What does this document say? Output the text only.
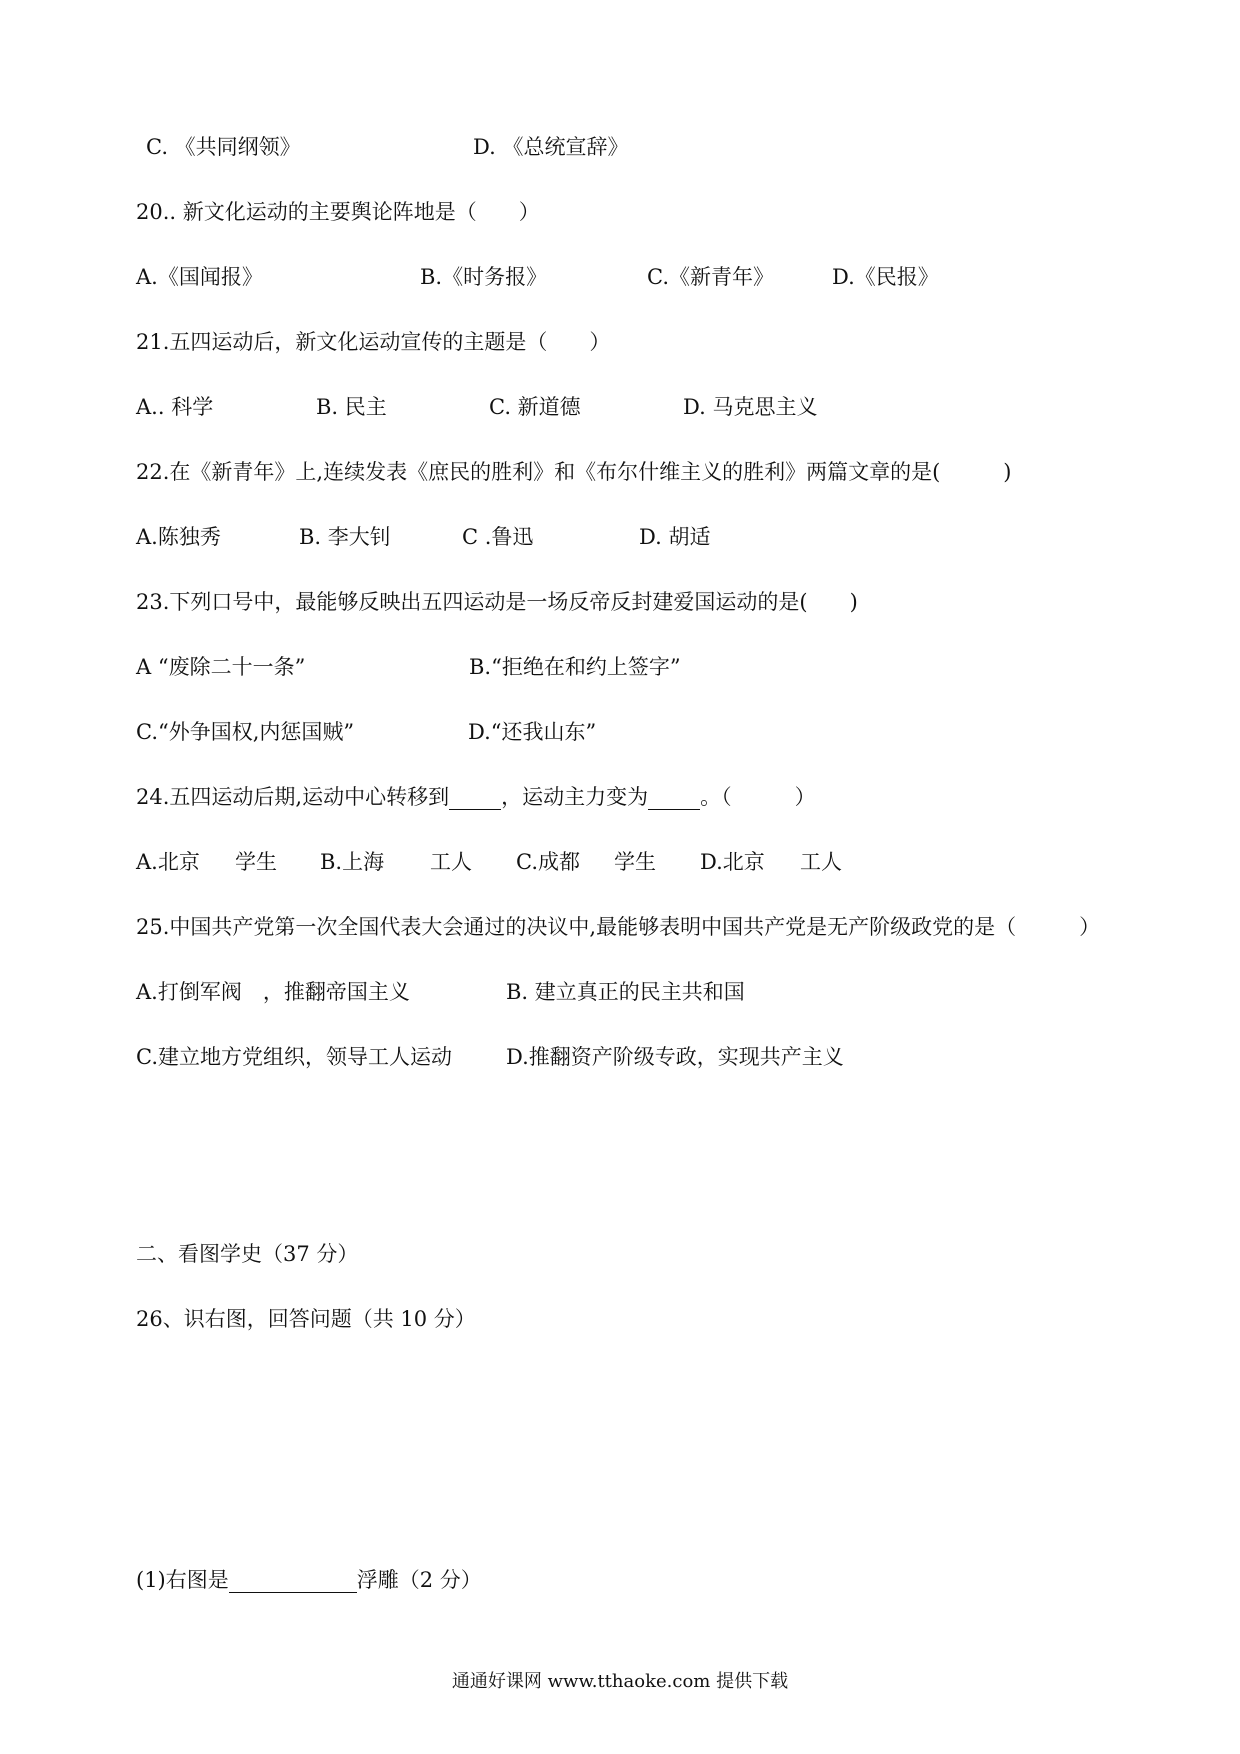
C. 《共同纲领》	D. 《总统宣辞》
20.. 新文化运动的主要舆论阵地是（　　）
A.《国闻报》	B.《时务报》	C.《新青年》	D.《民报》
21.五四运动后，新文化运动宣传的主题是（　　）
A.. 科学	B. 民主	C. 新道德	D. 马克思主义
22.在《新青年》上,连续发表《庶民的胜利》和《布尔什维主义的胜利》两篇文章的是(　　　)
A.陈独秀	B. 李大钊	C .鲁迅	D. 胡适
23.下列口号中，最能够反映出五四运动是一场反帝反封建爱国运动的是(　　)
A “废除二十一条”	B.“拒绝在和约上签字”
C.“外争国权,内惩国贼”	D.“还我山东”
24.五四运动后期,运动中心转移到 ，运动主力变为 。（　　　）
A.北京 学生 B.上海 工人 C.成都 学生 D.北京 工人
25.中国共产党第一次全国代表大会通过的决议中,最能够表明中国共产党是无产阶级政党的是（　　　）
A.打倒军阀　，推翻帝国主义	B. 建立真正的民主共和国
C.建立地方党组织，领导工人运动	D.推翻资产阶级专政，实现共产主义
二、看图学史（37 分）
26、识右图，回答问题（共 10 分）
(1)右图是	浮雕（2 分）
通通好课网 www.tthaoke.com 提供下载
